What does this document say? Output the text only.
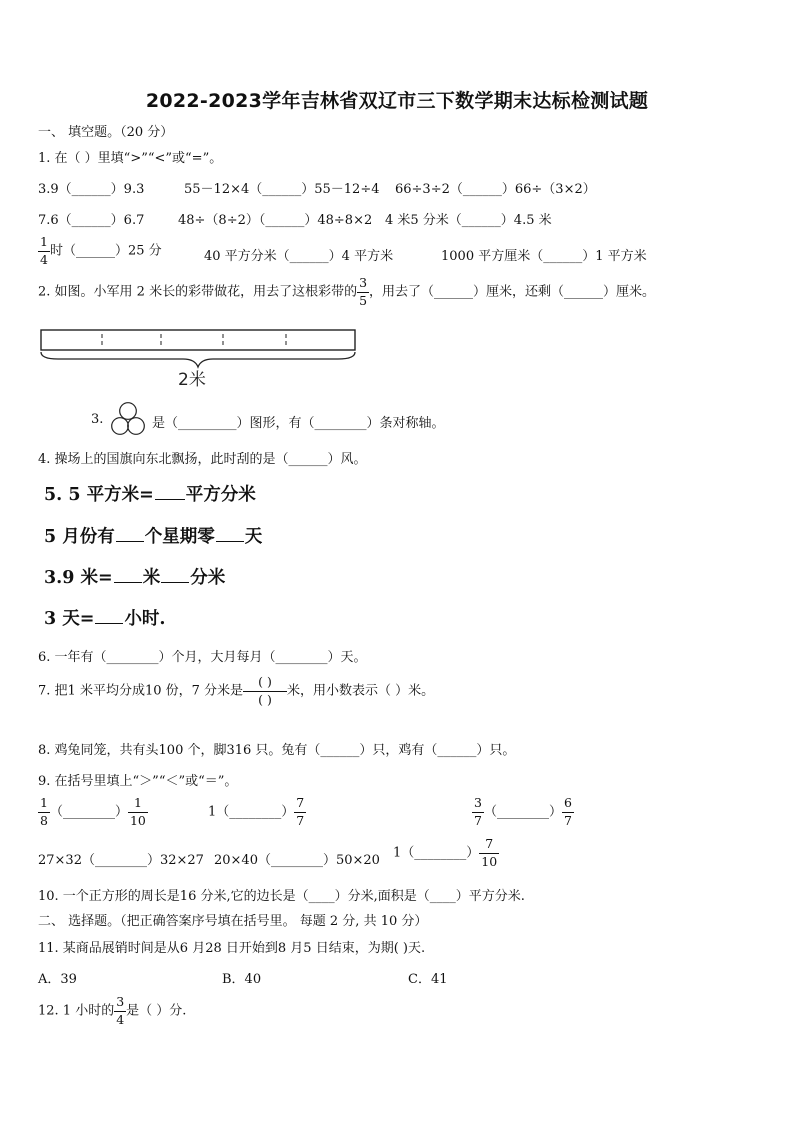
2022-2023学年吉林省双辽市三下数学期末达标检测试题
一、 填空题。（20 分）
1. 在（ ）里填“>”“<”或“=”。
3.9（______）9.3	55－12×4（______）55－12÷4 66÷3÷2（______）66÷（3×2）
7.6（______）6.7	48÷（8÷2）（______）48÷8×2 4 米5 分米（______）4.5 米
$\frac{1}{4}$ 时（______）25 分	40 平方分米（______）4 平方米	1000 平方厘米（______）1 平方米
2. 如图。小军用 2 米长的彩带做花，用去了这根彩带的 $\frac{3}{5}$ ，用去了（______）厘米，还剩（______）厘米。
2米
3.	是（_________）图形，有（________）条对称轴。
4. 操场上的国旗向东北飘扬，此时刮的是（______）风。
5. 5 平方米= 平方分米
5 月份有 个星期零 天
3.9 米= 米 分米
3 天= 小时.
6. 一年有（________）个月，大月每月（________）天。
7. 把1 米平均分成10 份，7 分米是 $\frac{( )}{( )}$ 米，用小数表示（ ）米。
8. 鸡兔同笼，共有头100 个，脚316 只。兔有（______）只，鸡有（______）只。
9. 在括号里填上“＞”“＜”或“＝”。
$\frac{1}{8}$ （________） $\frac{1}{10}$	1（________） $\frac{7}{7}$	$\frac{3}{7}$ （________） $\frac{6}{7}$
27×32（________）32×27 20×40（________）50×20 1（________） $\frac{7}{10}$
10. 一个正方形的周长是16 分米,它的边长是（____）分米,面积是（____）平方分米.
二、 选择题。（把正确答案序号填在括号里。 每题 2 分, 共 10 分）
11. 某商品展销时间是从6 月28 日开始到8 月5 日结束，为期( )天.
A．39	B．40	C．41
12. 1 小时的 $\frac{3}{4}$ 是（ ）分.
